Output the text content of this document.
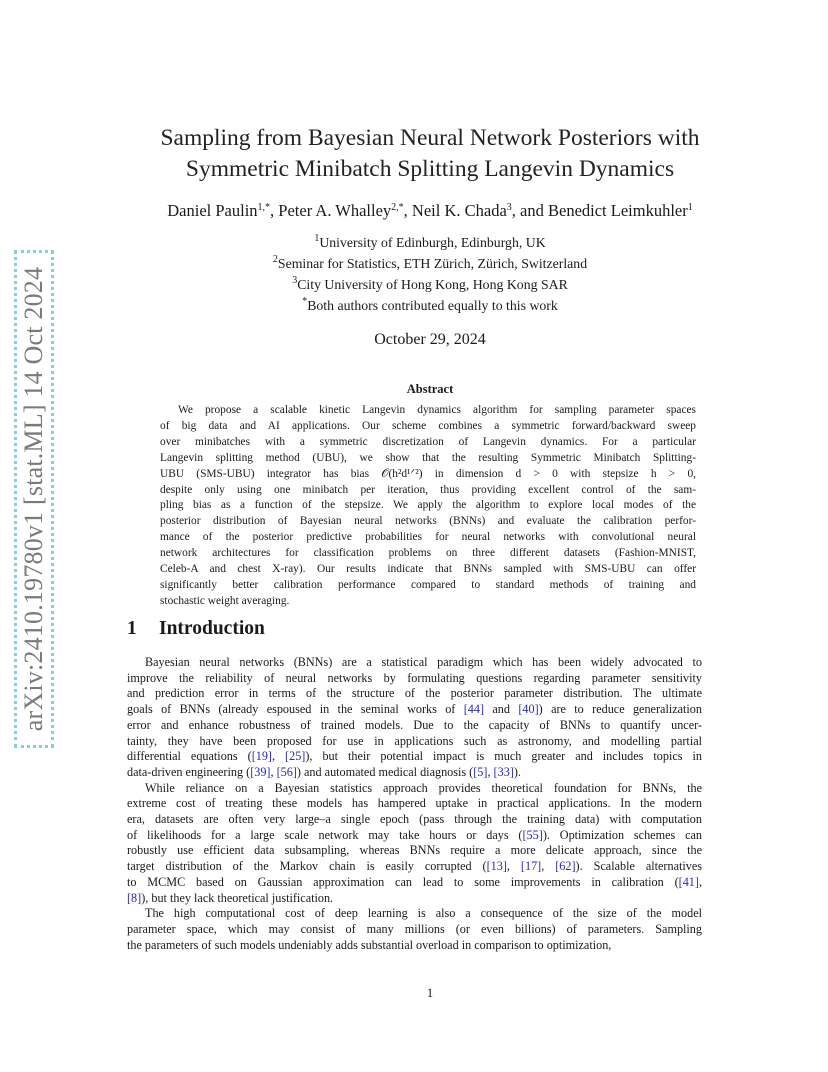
arXiv:2410.19780v1 [stat.ML] 14 Oct 2024
Sampling from Bayesian Neural Network Posteriors with
Symmetric Minibatch Splitting Langevin Dynamics
Daniel Paulin$^{1,*}$, Peter A. Whalley$^{2,*}$, Neil K. Chada$^3$, and Benedict Leimkuhler$^1$
$^1$University of Edinburgh, Edinburgh, UK
$^2$Seminar for Statistics, ETH Zürich, Zürich, Switzerland
$^3$City University of Hong Kong, Hong Kong SAR
*Both authors contributed equally to this work
October 29, 2024
Abstract
We propose a scalable kinetic Langevin dynamics algorithm for sampling parameter spaces
of big data and AI applications. Our scheme combines a symmetric forward/backward sweep
over minibatches with a symmetric discretization of Langevin dynamics. For a particular
Langevin splitting method (UBU), we show that the resulting Symmetric Minibatch Splitting-
UBU (SMS-UBU) integrator has bias 𝒪(h²d¹ᐟ²) in dimension d > 0 with stepsize h > 0,
despite only using one minibatch per iteration, thus providing excellent control of the sam-
pling bias as a function of the stepsize. We apply the algorithm to explore local modes of the
posterior distribution of Bayesian neural networks (BNNs) and evaluate the calibration perfor-
mance of the posterior predictive probabilities for neural networks with convolutional neural
network architectures for classification problems on three different datasets (Fashion-MNIST,
Celeb-A and chest X-ray). Our results indicate that BNNs sampled with SMS-UBU can offer
significantly better calibration performance compared to standard methods of training and
stochastic weight averaging.
1 Introduction
Bayesian neural networks (BNNs) are a statistical paradigm which has been widely advocated to
improve the reliability of neural networks by formulating questions regarding parameter sensitivity
and prediction error in terms of the structure of the posterior parameter distribution. The ultimate
goals of BNNs (already espoused in the seminal works of [44] and [40]) are to reduce generalization
error and enhance robustness of trained models. Due to the capacity of BNNs to quantify uncer-
tainty, they have been proposed for use in applications such as astronomy, and modelling partial
differential equations ([19], [25]), but their potential impact is much greater and includes topics in
data-driven engineering ([39], [56]) and automated medical diagnosis ([5], [33]).
While reliance on a Bayesian statistics approach provides theoretical foundation for BNNs, the
extreme cost of treating these models has hampered uptake in practical applications. In the modern
era, datasets are often very large–a single epoch (pass through the training data) with computation
of likelihoods for a large scale network may take hours or days ([55]). Optimization schemes can
robustly use efficient data subsampling, whereas BNNs require a more delicate approach, since the
target distribution of the Markov chain is easily corrupted ([13], [17], [62]). Scalable alternatives
to MCMC based on Gaussian approximation can lead to some improvements in calibration ([41],
[8]), but they lack theoretical justification.
The high computational cost of deep learning is also a consequence of the size of the model
parameter space, which may consist of many millions (or even billions) of parameters. Sampling
the parameters of such models undeniably adds substantial overload in comparison to optimization,
1
